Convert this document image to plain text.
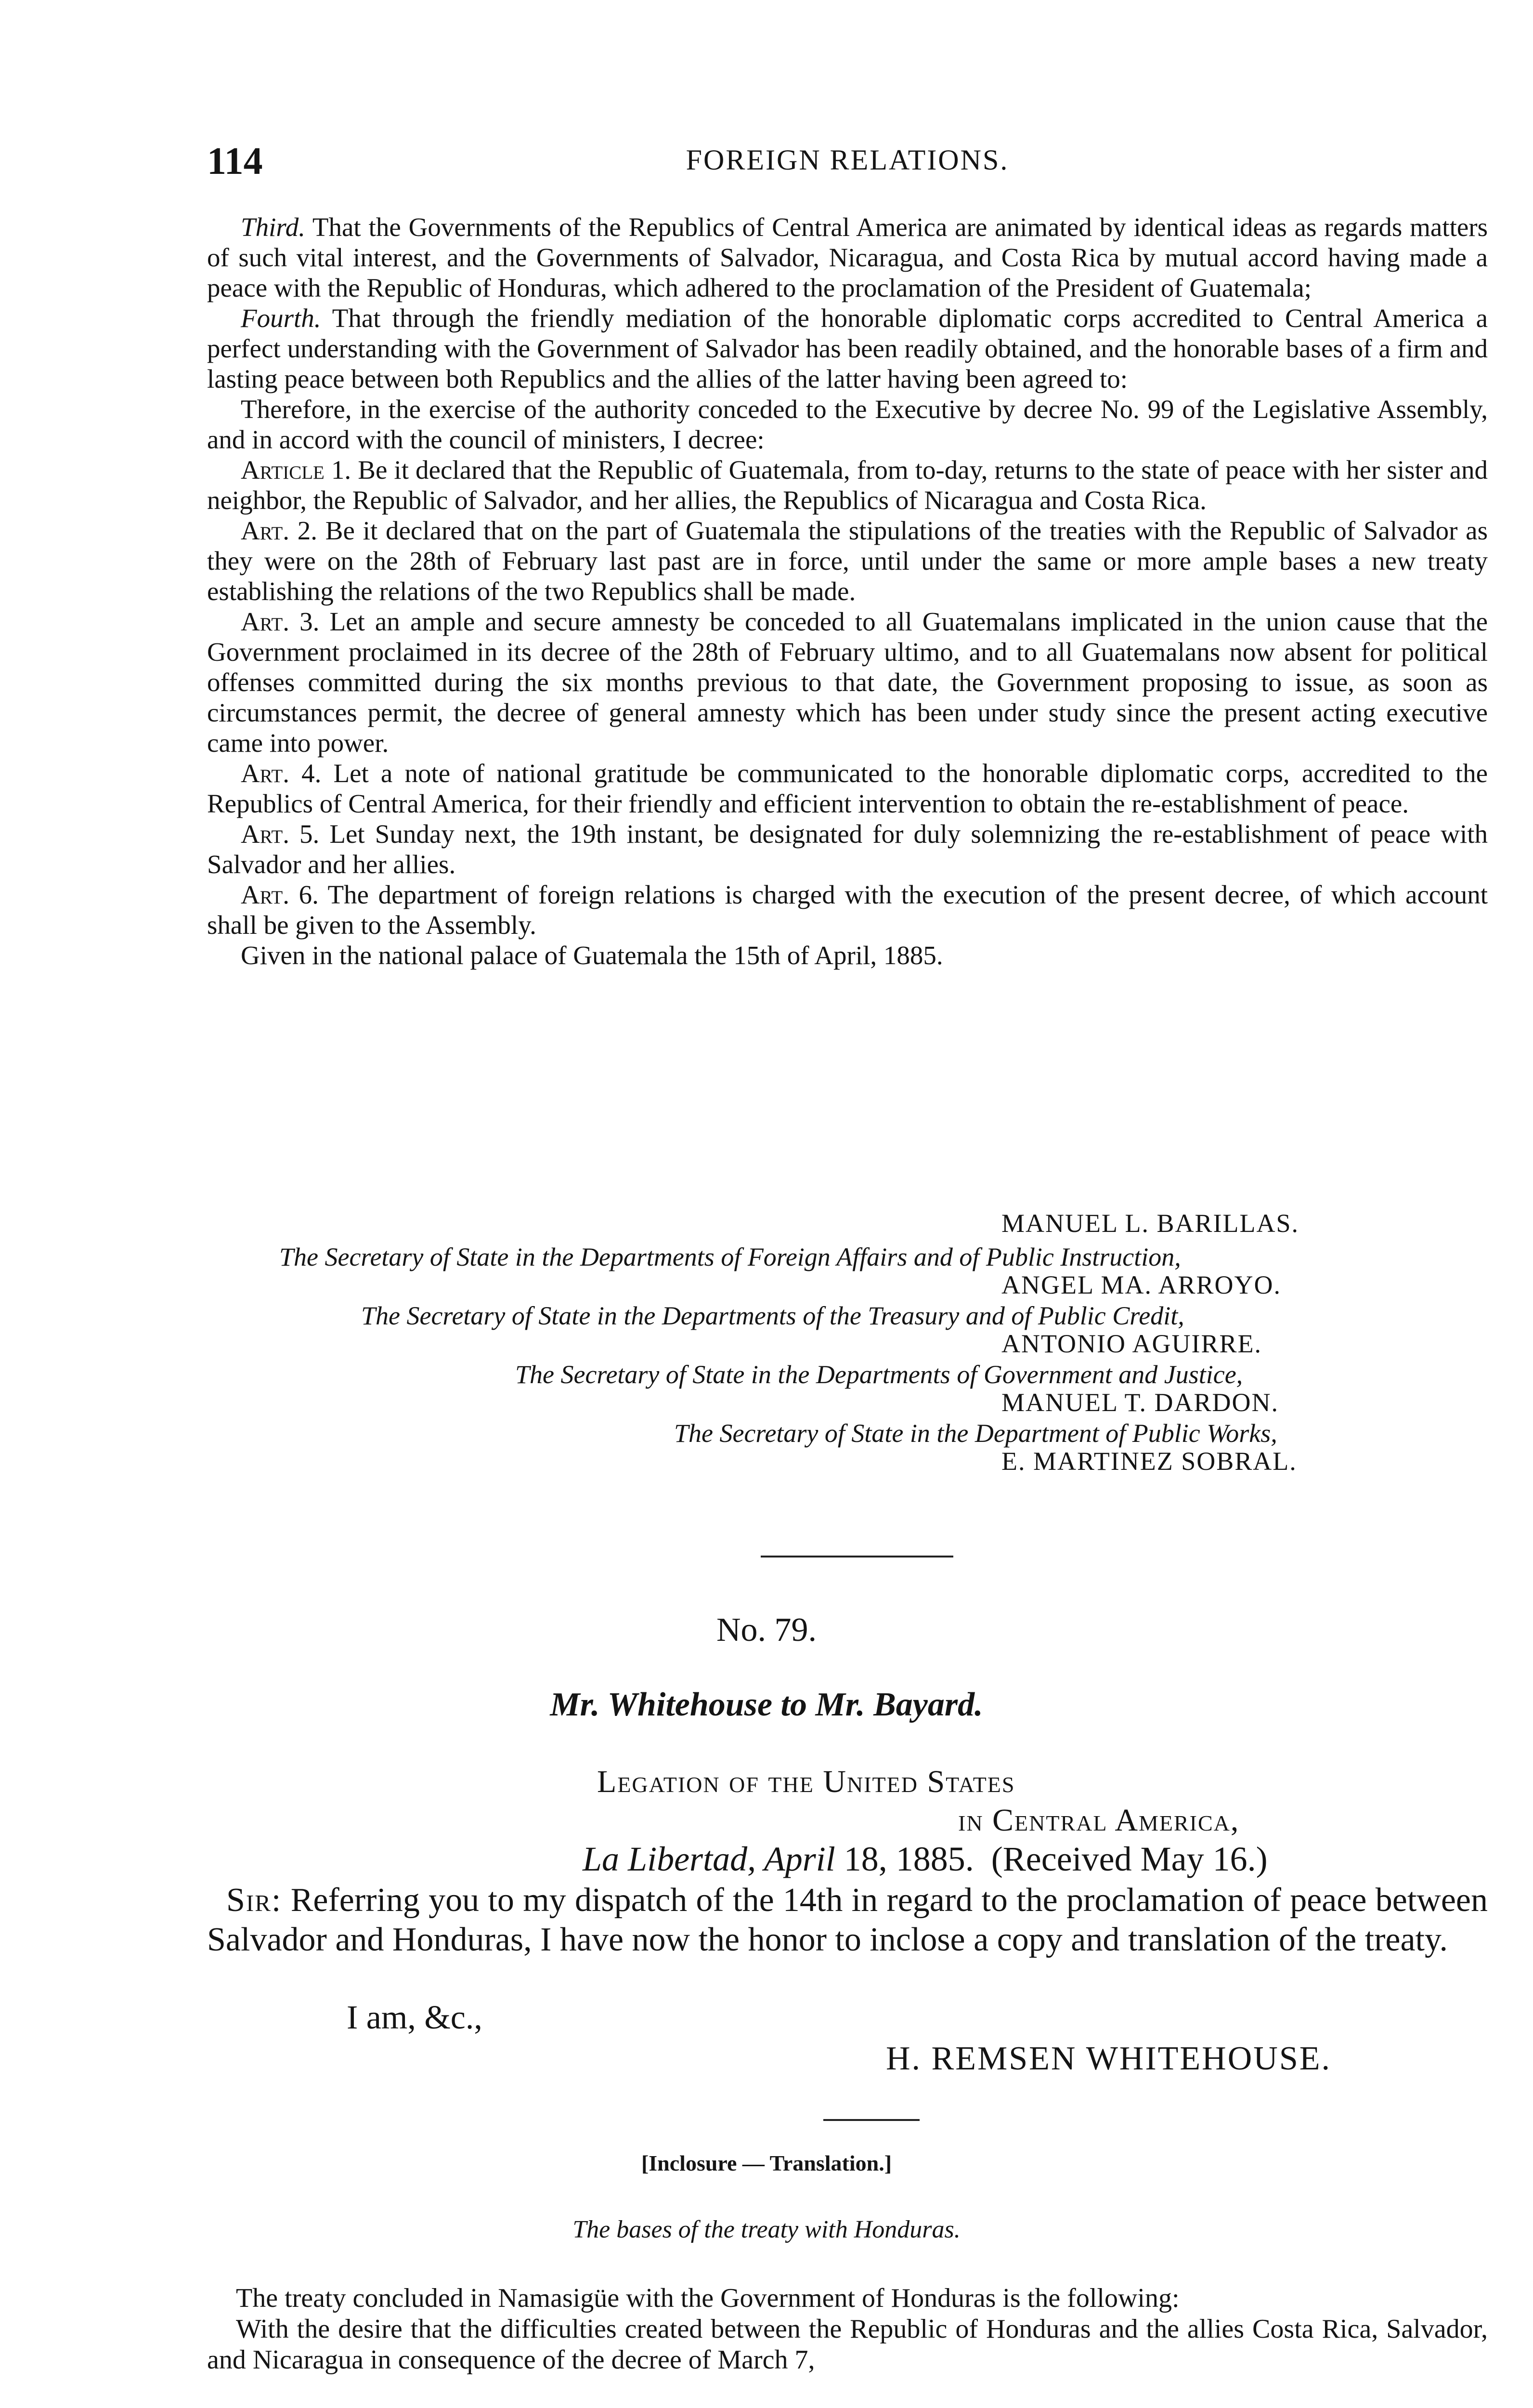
114	FOREIGN RELATIONS.

Third. That the Governments of the Republics of Central America are animated by identical ideas as regards matters of such vital interest, and the Governments of Salvador, Nicaragua, and Costa Rica by mutual accord having made a peace with the Republic of Honduras, which adhered to the proclamation of the President of Guatemala;

Fourth. That through the friendly mediation of the honorable diplomatic corps accredited to Central America a perfect understanding with the Government of Salvador has been readily obtained, and the honorable bases of a firm and lasting peace between both Republics and the allies of the latter having been agreed to:

Therefore, in the exercise of the authority conceded to the Executive by decree No. 99 of the Legislative Assembly, and in accord with the council of ministers, I decree:

Article 1. Be it declared that the Republic of Guatemala, from to-day, returns to the state of peace with her sister and neighbor, the Republic of Salvador, and her allies, the Republics of Nicaragua and Costa Rica.

Art. 2. Be it declared that on the part of Guatemala the stipulations of the treaties with the Republic of Salvador as they were on the 28th of February last past are in force, until under the same or more ample bases a new treaty establishing the relations of the two Republics shall be made.

Art. 3. Let an ample and secure amnesty be conceded to all Guatemalans implicated in the union cause that the Government proclaimed in its decree of the 28th of February ultimo, and to all Guatemalans now absent for political offenses committed during the six months previous to that date, the Government proposing to issue, as soon as circumstances permit, the decree of general amnesty which has been under study since the present acting executive came into power.

Art. 4. Let a note of national gratitude be communicated to the honorable diplomatic corps, accredited to the Republics of Central America, for their friendly and efficient intervention to obtain the re-establishment of peace.

Art. 5. Let Sunday next, the 19th instant, be designated for duly solemnizing the re-establishment of peace with Salvador and her allies.

Art. 6. The department of foreign relations is charged with the execution of the present decree, of which account shall be given to the Assembly.

Given in the national palace of Guatemala the 15th of April, 1885.

MANUEL L. BARILLAS.
The Secretary of State in the Departments of Foreign Affairs and of Public Instruction,
ANGEL MA. ARROYO.
The Secretary of State in the Departments of the Treasury and of Public Credit,
ANTONIO AGUIRRE.
The Secretary of State in the Departments of Government and Justice,
MANUEL T. DARDON.
The Secretary of State in the Department of Public Works,
E. MARTINEZ SOBRAL.
No. 79.
Mr. Whitehouse to Mr. Bayard.
Legation of the United States
in Central America,
La Libertad, April 18, 1885. (Received May 16.)

Sir: Referring you to my dispatch of the 14th in regard to the proclamation of peace between Salvador and Honduras, I have now the honor to inclose a copy and translation of the treaty.

I am, &c.,
H. REMSEN WHITEHOUSE.
[Inclosure — Translation.]
The bases of the treaty with Honduras.

The treaty concluded in Namasigüe with the Government of Honduras is the following:

With the desire that the difficulties created between the Republic of Honduras and the allies Costa Rica, Salvador, and Nicaragua in consequence of the decree of March 7,
